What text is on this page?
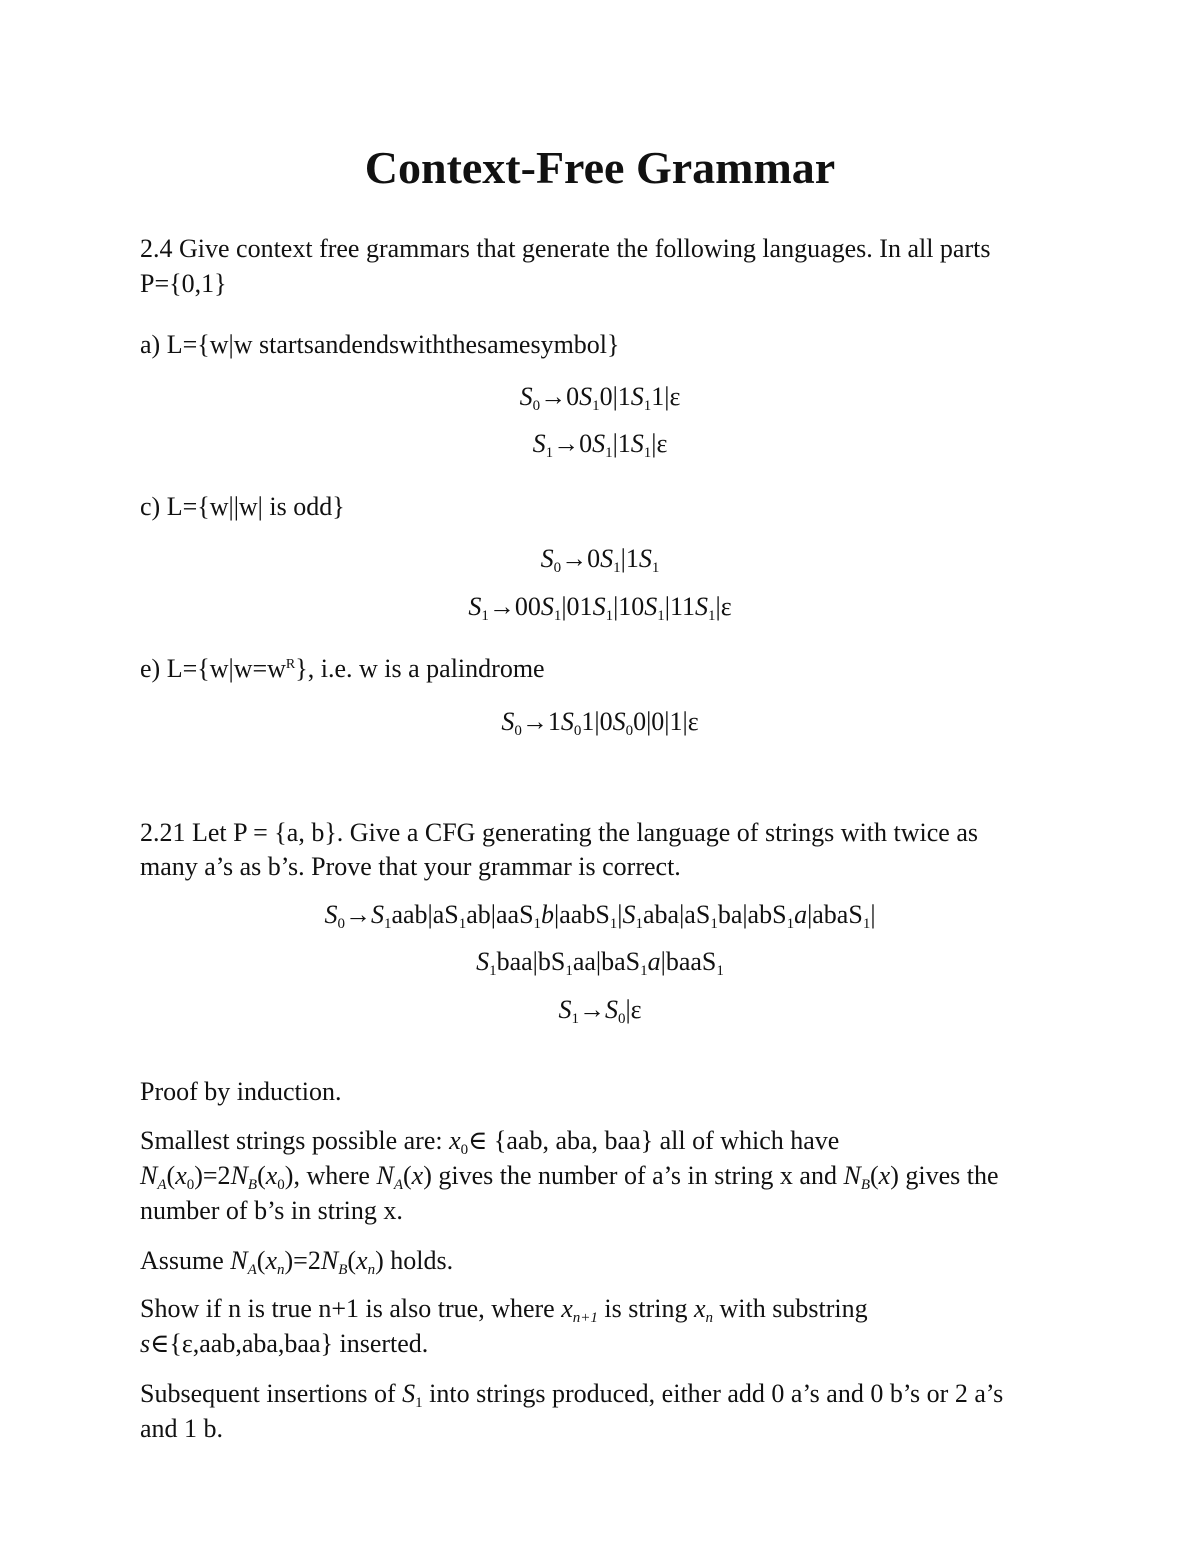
Context-Free Grammar
2.4 Give context free grammars that generate the following languages. In all parts
P={0,1}
a) L={w|w startsandendswiththesamesymbol}
$S_0\to 0S_10|1S_11|\varepsilon$
$S_1\to 0S_1|1S_1|\varepsilon$
c) L={w||w| is odd}
$S_0\to 0S_1|1S_1$
$S_1\to 00S_1|01S_1|10S_1|11S_1|\varepsilon$
e) $L=\{w|w=w^R\}$, i.e. w is a palindrome
$S_0\to 1S_01|0S_00|0|1|\varepsilon$
2.21 Let P = {a, b}. Give a CFG generating the language of strings with twice as
many a’s as b’s. Prove that your grammar is correct.
$S_0\to S_1aab|aS_1ab|aaS_1b|aabS_1|S_1aba|aS_1ba|abS_1a|abaS_1|$
$S_1baa|bS_1aa|baS_1a|baaS_1$
$S_1\to S_0|\varepsilon$
Proof by induction.
Smallest strings possible are: $x_0\in$ {aab, aba, baa} all of which have
$N_A(x_0)=2N_B(x_0)$, where $N_A(x)$ gives the number of a’s in string x and $N_B(x)$ gives the
number of b’s in string x.
Assume $N_A(x_n)=2N_B(x_n)$ holds.
Show if n is true n+1 is also true, where $x_{n+1}$ is string $x_n$ with substring
s∈{ε,aab,aba,baa} inserted.
Subsequent insertions of $S_1$ into strings produced, either add 0 a’s and 0 b’s or 2 a’s
and 1 b.
